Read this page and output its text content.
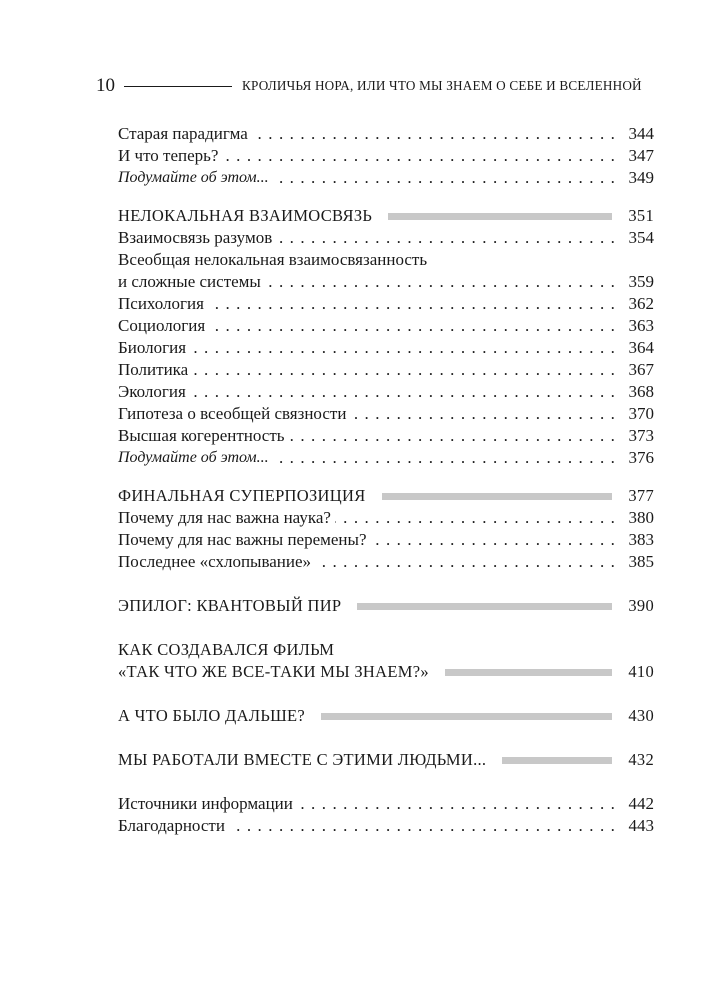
10	КРОЛИЧЬЯ НОРА, ИЛИ ЧТО МЫ ЗНАЕМ О СЕБЕ И ВСЕЛЕННОЙ
Старая парадигма . . .	344
И что теперь? . . .	347
Подумайте об этом... . . .	349
НЕЛОКАЛЬНАЯ ВЗАИМОСВЯЗЬ	351
Взаимосвязь разумов . . .	354
Всеобщая нелокальная взаимосвязанность
и сложные системы . . .	359
Психология . . .	362
Социология . . .	363
Биология . . .	364
Политика . . .	367
Экология . . .	368
Гипотеза о всеобщей связности . . .	370
Высшая когерентность . . .	373
Подумайте об этом... . . .	376
ФИНАЛЬНАЯ СУПЕРПОЗИЦИЯ	377
Почему для нас важна наука? . . .	380
Почему для нас важны перемены? . . .	383
Последнее «схлопывание» . . .	385
ЭПИЛОГ: КВАНТОВЫЙ ПИР	390
КАК СОЗДАВАЛСЯ ФИЛЬМ
«ТАК ЧТО ЖЕ ВСЕ-ТАКИ МЫ ЗНАЕМ?»	410
А ЧТО БЫЛО ДАЛЬШЕ?	430
МЫ РАБОТАЛИ ВМЕСТЕ С ЭТИМИ ЛЮДЬМИ...	432
Источники информации . . .	442
Благодарности . . .	443
